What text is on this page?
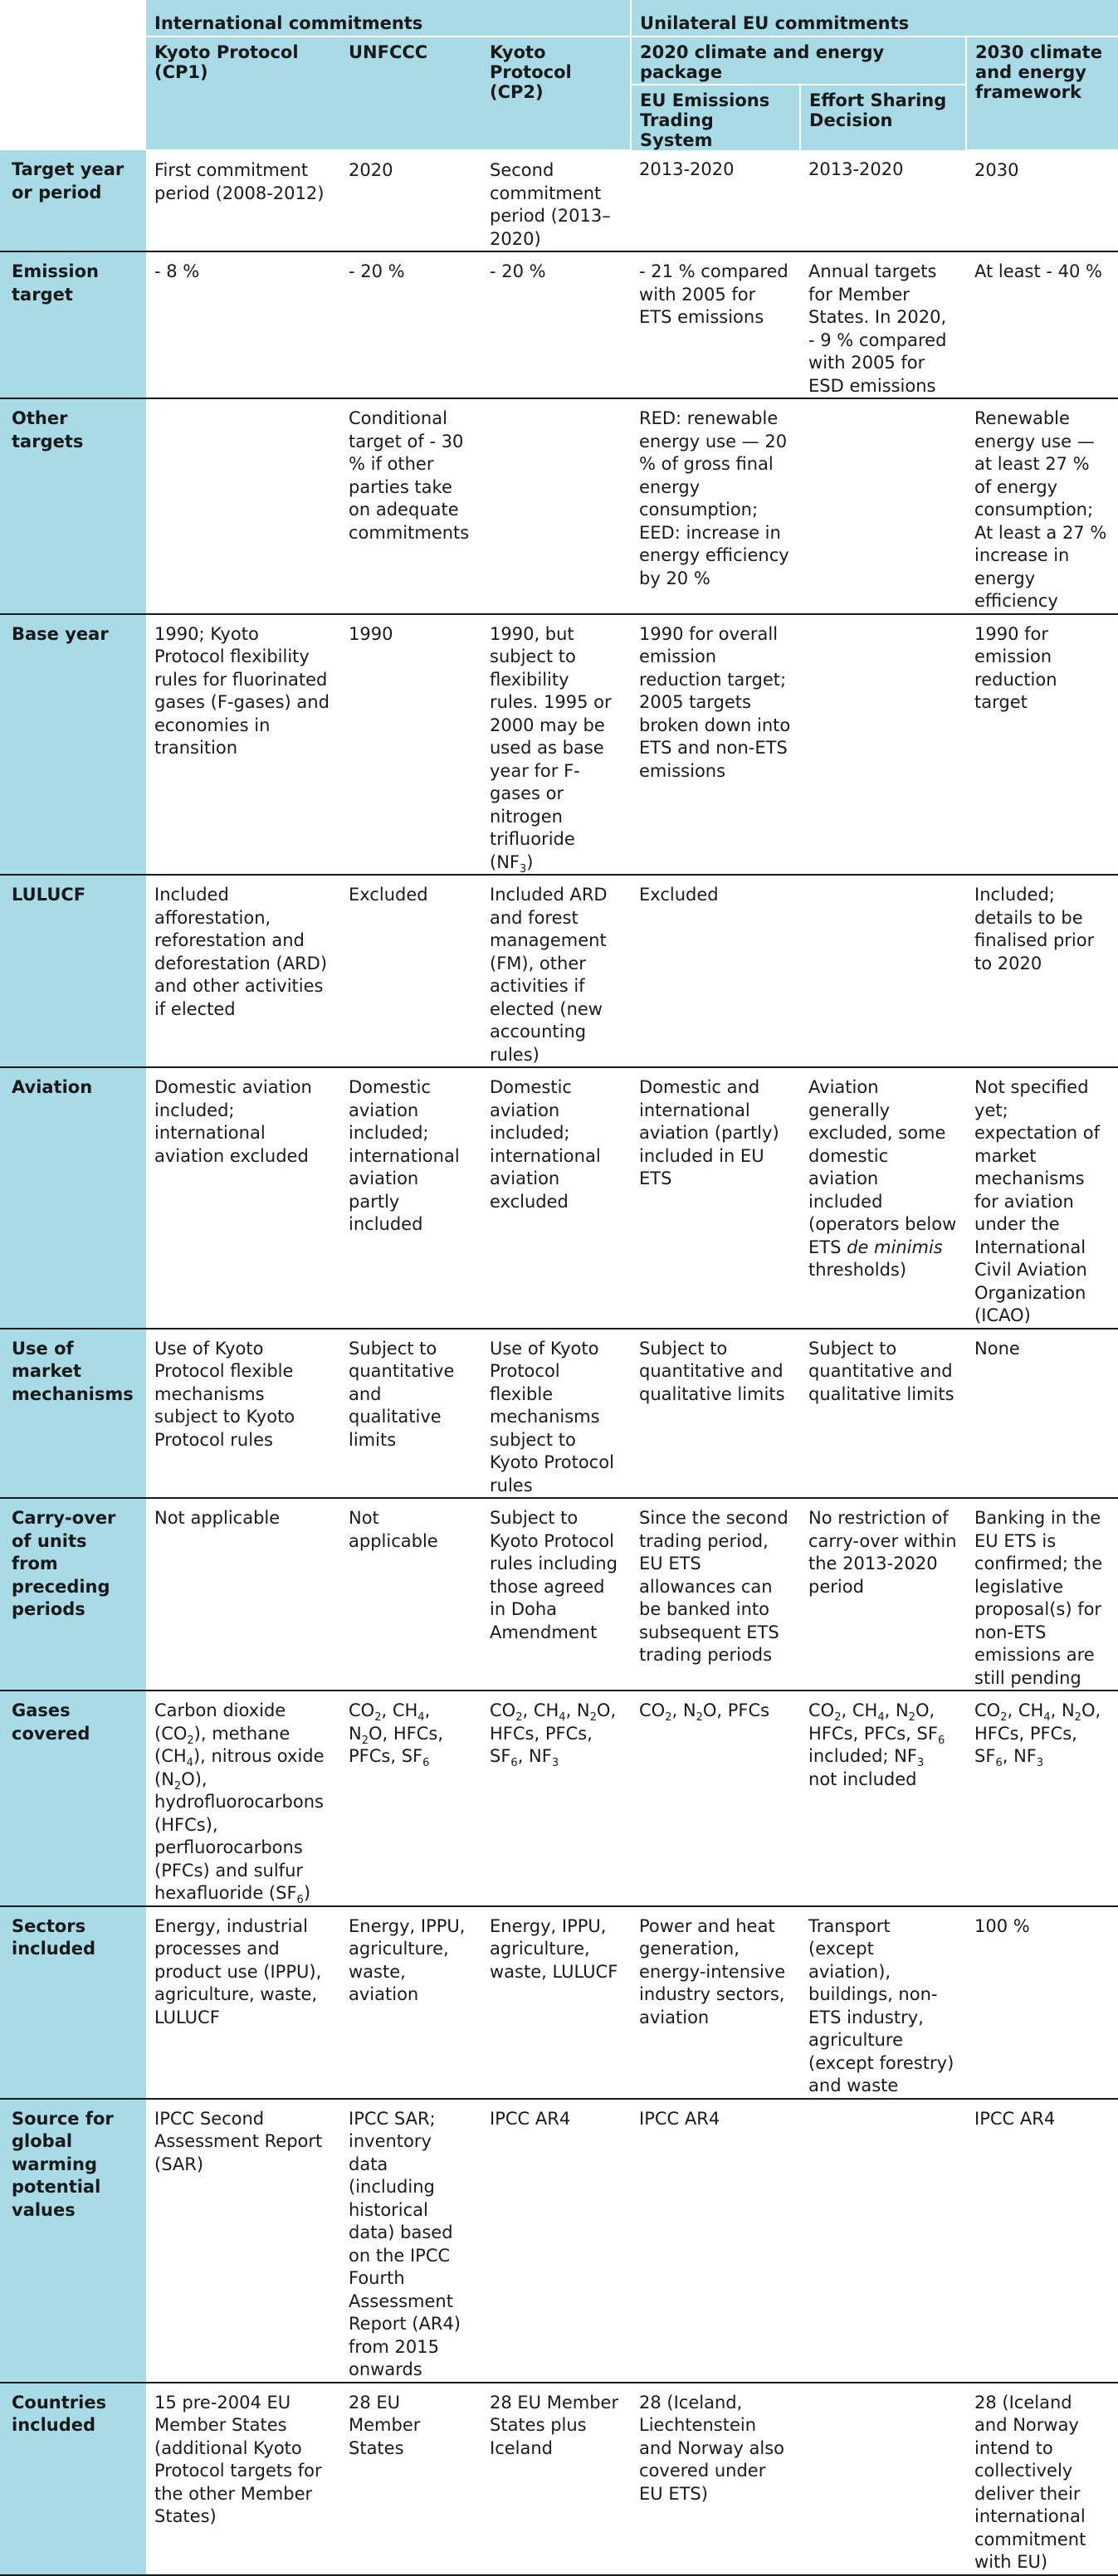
	International commitments			Unilateral EU commitments		
	Kyoto Protocol (CP1)	UNFCCC	Kyoto Protocol (CP2)	2020 climate and energy package		2030 climate and energy framework
				EU Emissions Trading System	Effort Sharing Decision	
Target year or period	First commitment period (2008-2012)	2020	Second commitment period (2013–2020)	2013-2020	2013-2020	2030
Emission target	- 8 %	- 20 %	- 20 %	- 21 % compared with 2005 for ETS emissions	Annual targets for Member States. In 2020, - 9 % compared with 2005 for ESD emissions	At least - 40 %
Other targets		Conditional target of - 30 % if other parties take on adequate commitments		RED: renewable energy use — 20 % of gross final energy consumption; EED: increase in energy efficiency by 20 %		Renewable energy use — at least 27 % of energy consumption; At least a 27 % increase in energy efficiency
Base year	1990; Kyoto Protocol flexibility rules for fluorinated gases (F-gases) and economies in transition	1990	1990, but subject to flexibility rules. 1995 or 2000 may be used as base year for F-gases or nitrogen trifluoride $(NF_3)$	1990 for overall emission reduction target; 2005 targets broken down into ETS and non-ETS emissions		1990 for emission reduction target
LULUCF	Included afforestation, reforestation and deforestation (ARD) and other activities if elected	Excluded	Included ARD and forest management (FM), other activities if elected (new accounting rules)	Excluded		Included; details to be finalised prior to 2020
Aviation	Domestic aviation included; international aviation excluded	Domestic aviation included; international aviation partly included	Domestic aviation included; international aviation excluded	Domestic and international aviation (partly) included in EU ETS	Aviation generally excluded, some domestic aviation included (operators below ETS de minimis thresholds)	Not specified yet; expectation of market mechanisms for aviation under the International Civil Aviation Organization (ICAO)
Use of market mechanisms	Use of Kyoto Protocol flexible mechanisms subject to Kyoto Protocol rules	Subject to quantitative and qualitative limits	Use of Kyoto Protocol flexible mechanisms subject to Kyoto Protocol rules	Subject to quantitative and qualitative limits	Subject to quantitative and qualitative limits	None
Carry-over of units from preceding periods	Not applicable	Not applicable	Subject to Kyoto Protocol rules including those agreed in Doha Amendment	Since the second trading period, EU ETS allowances can be banked into subsequent ETS trading periods	No restriction of carry-over within the 2013-2020 period	Banking in the EU ETS is confirmed; the legislative proposal(s) for non-ETS emissions are still pending
Gases covered	Carbon dioxide $(CO_2)$, methane $(CH_4)$, nitrous oxide $(N_2O)$, hydrofluorocarbons (HFCs), perfluorocarbons (PFCs) and sulfur hexafluoride $(SF_6)$	$CO_2$, $CH_4$, $N_2O$, HFCs, PFCs, $SF_6$	$CO_2$, $CH_4$, $N_2O$, HFCs, PFCs, $SF_6$, $NF_3$	$CO_2$, $N_2O$, PFCs	$CO_2$, $CH_4$, $N_2O$, HFCs, PFCs, $SF_6$ included; $NF_3$ not included	$CO_2$, $CH_4$, $N_2O$, HFCs, PFCs, $SF_6$, $NF_3$
Sectors included	Energy, industrial processes and product use (IPPU), agriculture, waste, LULUCF	Energy, IPPU, agriculture, waste, aviation	Energy, IPPU, agriculture, waste, LULUCF	Power and heat generation, energy-intensive industry sectors, aviation	Transport (except aviation), buildings, non-ETS industry, agriculture (except forestry) and waste	100 %
Source for global warming potential values	IPCC Second Assessment Report (SAR)	IPCC SAR; inventory data (including historical data) based on the IPCC Fourth Assessment Report (AR4) from 2015 onwards	IPCC AR4	IPCC AR4		IPCC AR4
Countries included	15 pre-2004 EU Member States (additional Kyoto Protocol targets for the other Member States)	28 EU Member States	28 EU Member States plus Iceland	28 (Iceland, Liechtenstein and Norway also covered under EU ETS)		28 (Iceland and Norway intend to collectively deliver their international commitment with EU)
